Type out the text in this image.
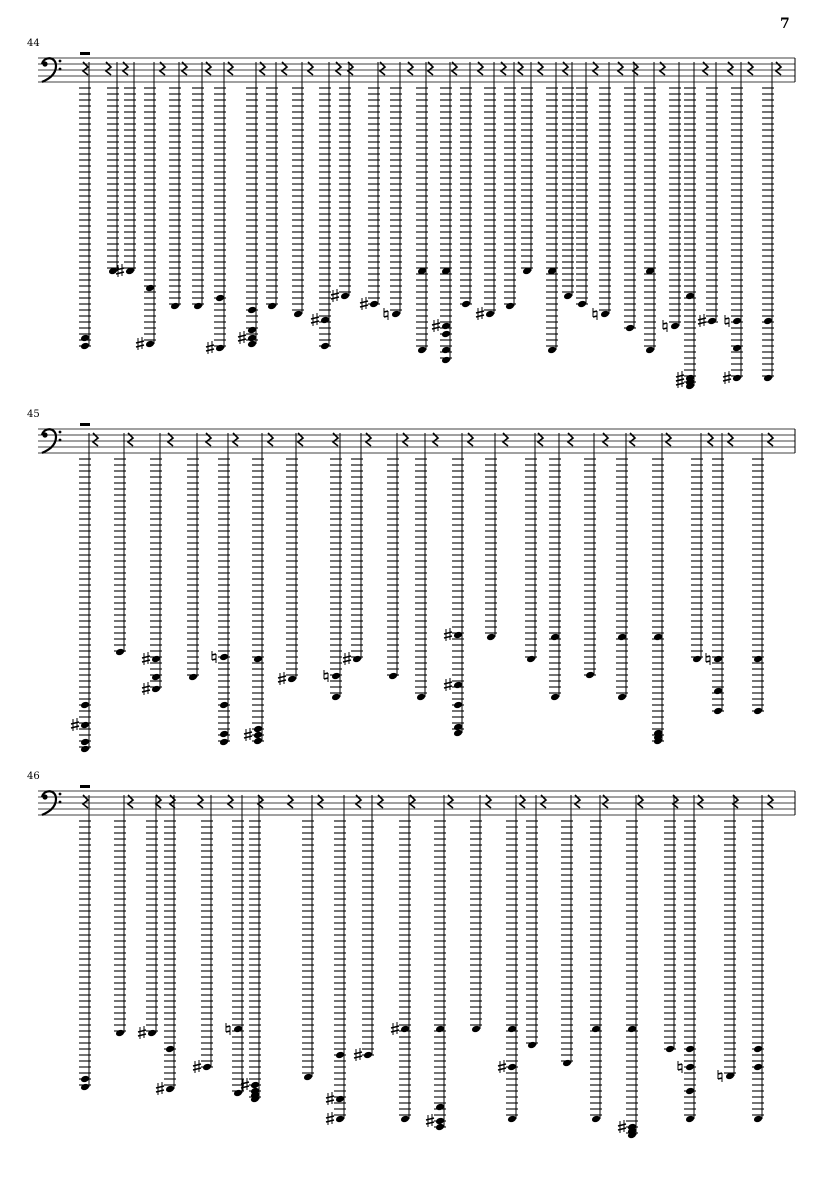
7
44
45
46
